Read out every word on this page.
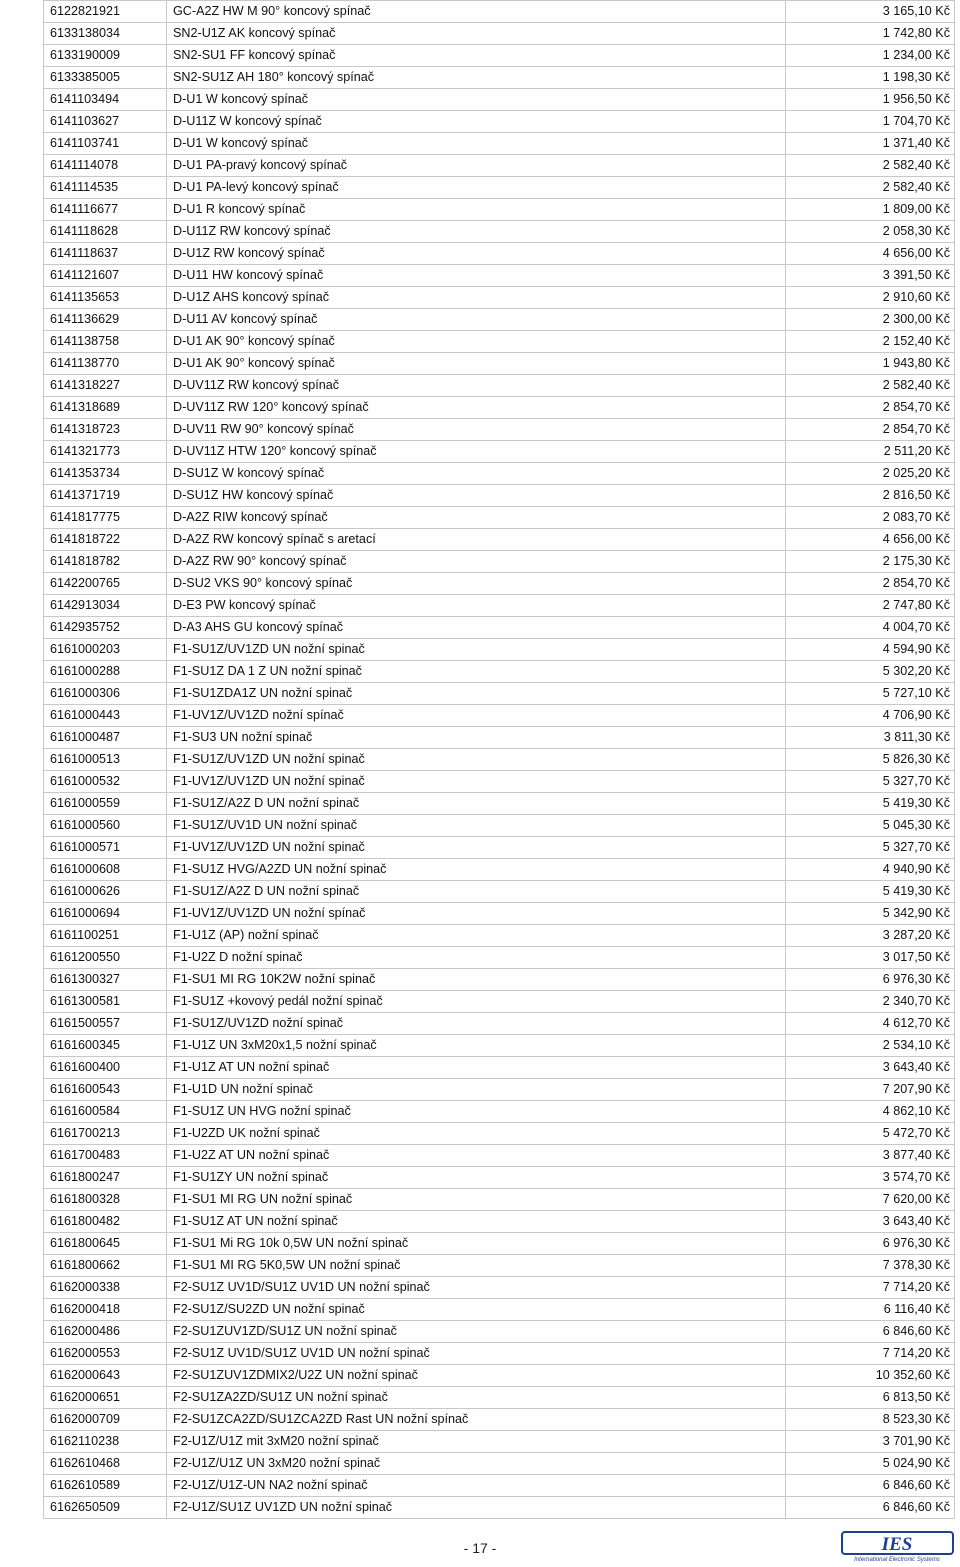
6122821921	GC-A2Z HW M 90° koncový spínač	3 165,10 Kč
6133138034	SN2-U1Z AK koncový spínač	1 742,80 Kč
6133190009	SN2-SU1 FF koncový spínač	1 234,00 Kč
6133385005	SN2-SU1Z AH 180° koncový spínač	1 198,30 Kč
6141103494	D-U1 W koncový spínač	1 956,50 Kč
6141103627	D-U11Z W koncový spínač	1 704,70 Kč
6141103741	D-U1 W koncový spínač	1 371,40 Kč
6141114078	D-U1 PA-pravý koncový spínač	2 582,40 Kč
6141114535	D-U1 PA-levý koncový spínač	2 582,40 Kč
6141116677	D-U1 R koncový spínač	1 809,00 Kč
6141118628	D-U11Z RW koncový spínač	2 058,30 Kč
6141118637	D-U1Z RW koncový spínač	4 656,00 Kč
6141121607	D-U11 HW koncový spínač	3 391,50 Kč
6141135653	D-U1Z AHS koncový spínač	2 910,60 Kč
6141136629	D-U11 AV koncový spínač	2 300,00 Kč
6141138758	D-U1 AK 90° koncový spínač	2 152,40 Kč
6141138770	D-U1 AK 90° koncový spínač	1 943,80 Kč
6141318227	D-UV11Z RW koncový spínač	2 582,40 Kč
6141318689	D-UV11Z RW 120° koncový spínač	2 854,70 Kč
6141318723	D-UV11 RW 90° koncový spínač	2 854,70 Kč
6141321773	D-UV11Z HTW 120° koncový spínač	2 511,20 Kč
6141353734	D-SU1Z W koncový spínač	2 025,20 Kč
6141371719	D-SU1Z HW koncový spínač	2 816,50 Kč
6141817775	D-A2Z RIW koncový spínač	2 083,70 Kč
6141818722	D-A2Z RW koncový spínač s aretací	4 656,00 Kč
6141818782	D-A2Z RW 90° koncový spínač	2 175,30 Kč
6142200765	D-SU2 VKS 90° koncový spínač	2 854,70 Kč
6142913034	D-E3 PW koncový spínač	2 747,80 Kč
6142935752	D-A3 AHS GU koncový spínač	4 004,70 Kč
6161000203	F1-SU1Z/UV1ZD UN nožní spinač	4 594,90 Kč
6161000288	F1-SU1Z DA 1 Z UN nožní spinač	5 302,20 Kč
6161000306	F1-SU1ZDA1Z UN nožní spinač	5 727,10 Kč
6161000443	F1-UV1Z/UV1ZD nožní spínač	4 706,90 Kč
6161000487	F1-SU3 UN nožní spinač	3 811,30 Kč
6161000513	F1-SU1Z/UV1ZD UN nožní spinač	5 826,30 Kč
6161000532	F1-UV1Z/UV1ZD UN nožní spinač	5 327,70 Kč
6161000559	F1-SU1Z/A2Z D UN nožní spinač	5 419,30 Kč
6161000560	F1-SU1Z/UV1D UN nožní spinač	5 045,30 Kč
6161000571	F1-UV1Z/UV1ZD UN nožní spinač	5 327,70 Kč
6161000608	F1-SU1Z HVG/A2ZD UN nožní spinač	4 940,90 Kč
6161000626	F1-SU1Z/A2Z D UN nožní spinač	5 419,30 Kč
6161000694	F1-UV1Z/UV1ZD UN nožní spínač	5 342,90 Kč
6161100251	F1-U1Z (AP) nožní spinač	3 287,20 Kč
6161200550	F1-U2Z D nožní spinač	3 017,50 Kč
6161300327	F1-SU1 MI RG 10K2W nožní spinač	6 976,30 Kč
6161300581	F1-SU1Z +kovový pedál nožní spinač	2 340,70 Kč
6161500557	F1-SU1Z/UV1ZD nožní spinač	4 612,70 Kč
6161600345	F1-U1Z UN 3xM20x1,5 nožní spinač	2 534,10 Kč
6161600400	F1-U1Z AT UN nožní spinač	3 643,40 Kč
6161600543	F1-U1D UN nožní spinač	7 207,90 Kč
6161600584	F1-SU1Z UN HVG nožní spinač	4 862,10 Kč
6161700213	F1-U2ZD UK nožní spinač	5 472,70 Kč
6161700483	F1-U2Z AT UN nožní spinač	3 877,40 Kč
6161800247	F1-SU1ZY UN nožní spinač	3 574,70 Kč
6161800328	F1-SU1 MI RG UN nožní spinač	7 620,00 Kč
6161800482	F1-SU1Z AT UN nožní spinač	3 643,40 Kč
6161800645	F1-SU1 Mi RG 10k 0,5W UN nožní spinač	6 976,30 Kč
6161800662	F1-SU1 MI RG 5K0,5W UN nožní spinač	7 378,30 Kč
6162000338	F2-SU1Z UV1D/SU1Z UV1D UN nožní spinač	7 714,20 Kč
6162000418	F2-SU1Z/SU2ZD UN nožní spinač	6 116,40 Kč
6162000486	F2-SU1ZUV1ZD/SU1Z UN nožní spinač	6 846,60 Kč
6162000553	F2-SU1Z UV1D/SU1Z UV1D UN nožní spinač	7 714,20 Kč
6162000643	F2-SU1ZUV1ZDMIX2/U2Z UN nožní spinač	10 352,60 Kč
6162000651	F2-SU1ZA2ZD/SU1Z UN nožní spinač	6 813,50 Kč
6162000709	F2-SU1ZCA2ZD/SU1ZCA2ZD Rast UN nožní spínač	8 523,30 Kč
6162110238	F2-U1Z/U1Z mit 3xM20 nožní spinač	3 701,90 Kč
6162610468	F2-U1Z/U1Z UN 3xM20 nožní spinač	5 024,90 Kč
6162610589	F2-U1Z/U1Z-UN NA2 nožní spinač	6 846,60 Kč
6162650509	F2-U1Z/SU1Z UV1ZD UN nožní spinač	6 846,60 Kč
- 17 -	IES
International Electronic Systems
